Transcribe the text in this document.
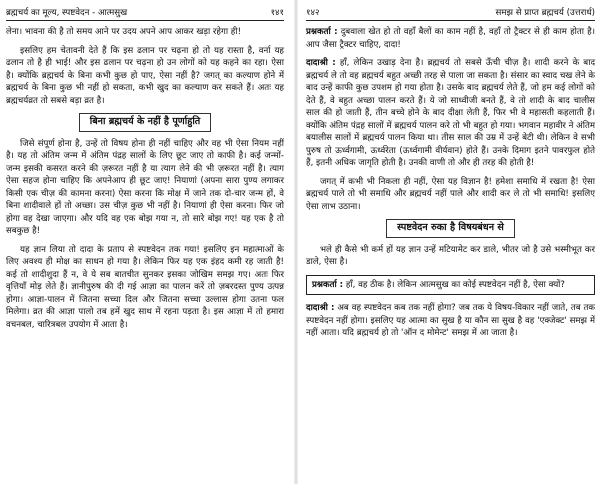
ब्रह्मचर्य का मूल्य, स्पष्टवेदन - आत्मसुख	१४१

लेना। भावना की है तो समय आने पर उदय अपने आप आकर खड़ा रहेगा ही!

इसलिए हम चेतावनी देते हैं कि इस ढलान पर चढ़ना हो तो यह रास्ता है, वर्ना यह ढलान तो है ही भाई! और इस ढलान पर चढ़ना हो उन लोगों को यह कहने का रहा। ऐसा है। क्योंकि ब्रह्मचर्य के बिना कभी कुछ हो पाए, ऐसा नहीं है? जगत् का कल्याण होने में ब्रह्मचर्य के बिना कुछ भी नहीं हो सकता, कभी खुद का कल्याण कर सकते हैं। अतः यह ब्रह्मचर्यव्रत तो सबसे बड़ा व्रत है।

बिना ब्रह्मचर्य के नहीं है पूर्णाहुति

जिसे संपूर्ण होना है, उन्हें तो विषय होना ही नहीं चाहिए और वह भी ऐसा नियम नहीं है। यह तो अंतिम जन्म में अंतिम पंद्रह सालों के लिए छूट जाए तो काफी है। कई जन्मों-जन्म इसकी कसरत करने की ज़रूरत नहीं है या त्याग लेने की भी ज़रूरत नहीं है। त्याग ऐसा सहज होना चाहिए कि अपनेआप ही छूट जाए! नियाणां (अपना सारा पुण्य लगाकर किसी एक चीज़ की कामना करना) ऐसा करना कि मोक्ष में जाने तक दो-चार जन्म हों, वे बिना शादीवाले हों तो अच्छा। उस चीज़ कुछ भी नहीं है। नियाणां ही ऐसा करना। फिर जो होगा वह देखा जाएगा। और यदि वह एक बोझ गया न, तो सारे बोझ गए! यह एक है तो सबकुछ है!

यह ज्ञान लिया तो दादा के प्रताप से स्पष्टवेदन तक गया! इसलिए इन महात्माओं के लिए अवश्य ही मोक्ष का साधन हो गया है। लेकिन फिर यह एक इंहद कमी रह जाती है! कई तो शादीशुदा हैं न, वे ये सब बातचीत सुनकर इसका जोखिम समझ गए। अतः फिर वृत्तियाँ मोड़ लेते हैं। ज्ञानीपुरुष की दी गई आज्ञा का पालन करें तो ज़बरदस्त पुण्य उत्पन्न होगा। आज्ञा-पालन में जितना सच्चा दिल और जितना सच्चा उल्लास होगा उतना फल मिलेगा। व्रत की आज्ञा पालो तब हमें खुद साथ में रहना पड़ता है। इस आज्ञा में तो हमारा वचनबल, चारित्रबल उपयोग में आता है।

१४२	समझ से प्राप्त ब्रह्मचर्य (उत्तरार्ध)

प्रश्नकर्ता : दुबवाला खेत हो तो वहाँ बैलों का काम नहीं है, वहाँ तो ट्रैक्टर से ही काम होता है। आप जैसा ट्रैक्टर चाहिए, दादा!

दादाश्री : हाँ, लेकिन उखाड़ देना है। ब्रह्मचर्य तो सबसे ऊँची चीज़ है। शादी करने के बाद ब्रह्मचर्य ले तो वह ब्रह्मचर्य बहुत अच्छी तरह से पाला जा सकता है। संसार का स्वाद चख लेने के बाद उन्हें काफी कुछ उपशम हो गया होता है। उसके बाद ब्रह्मचर्य लेते हैं, जो हम कई लोगों को देते हैं, वे बहुत अच्छा पालन करते हैं। ये जो साध्वीजी बनते हैं, वे तो शादी के बाद चालीस साल की हो जाती हैं, तीन बच्चे होने के बाद दीक्षा लेती हैं, फिर भी वे महासती कहलाती हैं। क्योंकि अंतिम पंद्रह सालों में ब्रह्मचर्य पालन करे तो भी बहुत हो गया। भगवान महावीर ने अंतिम बयालीस सालों में ब्रह्मचर्य पालन किया था। तीस साल की उम्र में उन्हें बेटी थी। लेकिन वे सभी पुरुष तो ऊर्ध्वगामी, ऊर्ध्वरेता (ऊर्ध्वगामी वीर्यवान) होते हैं। उनके दिमाग इतने पावरफुल होते हैं, इतनी अधिक जागृति होती है। उनकी वाणी तो और ही तरह की होती है!

जगत् में कभी भी निकला ही नहीं, ऐसा यह विज्ञान है! हमेशा समाधि में रखता है! ऐसा ब्रह्मचर्य पाले तो भी समाधि और ब्रह्मचर्य नहीं पाले और शादी कर ले तो भी समाधि! इसलिए ऐसा लाभ उठाना।

स्पष्टवेदन रुका है विषयबंधन से

भले ही कैसे भी कर्म हों यह ज्ञान उन्हें मटियामेट कर डाले, भीतर जो है उसे भस्मीभूत कर डाले, ऐसा है।

प्रश्नकर्ता : हाँ, वह ठीक है। लेकिन आत्मसुख का कोई स्पष्टवेदन नहीं है, ऐसा क्यों?

दादाश्री : अब वह स्पष्टवेदन कब तक नहीं होगा? जब तक ये विषय-विकार नहीं जाते, तब तक स्पष्टवेदन नहीं होगा। इसलिए यह आत्मा का सुख है या कौन सा सुख है वह 'एक्जेक्ट' समझ में नहीं आता। यदि ब्रह्मचर्य हो तो 'ऑन द मोमेन्ट' समझ में आ जाता है।
